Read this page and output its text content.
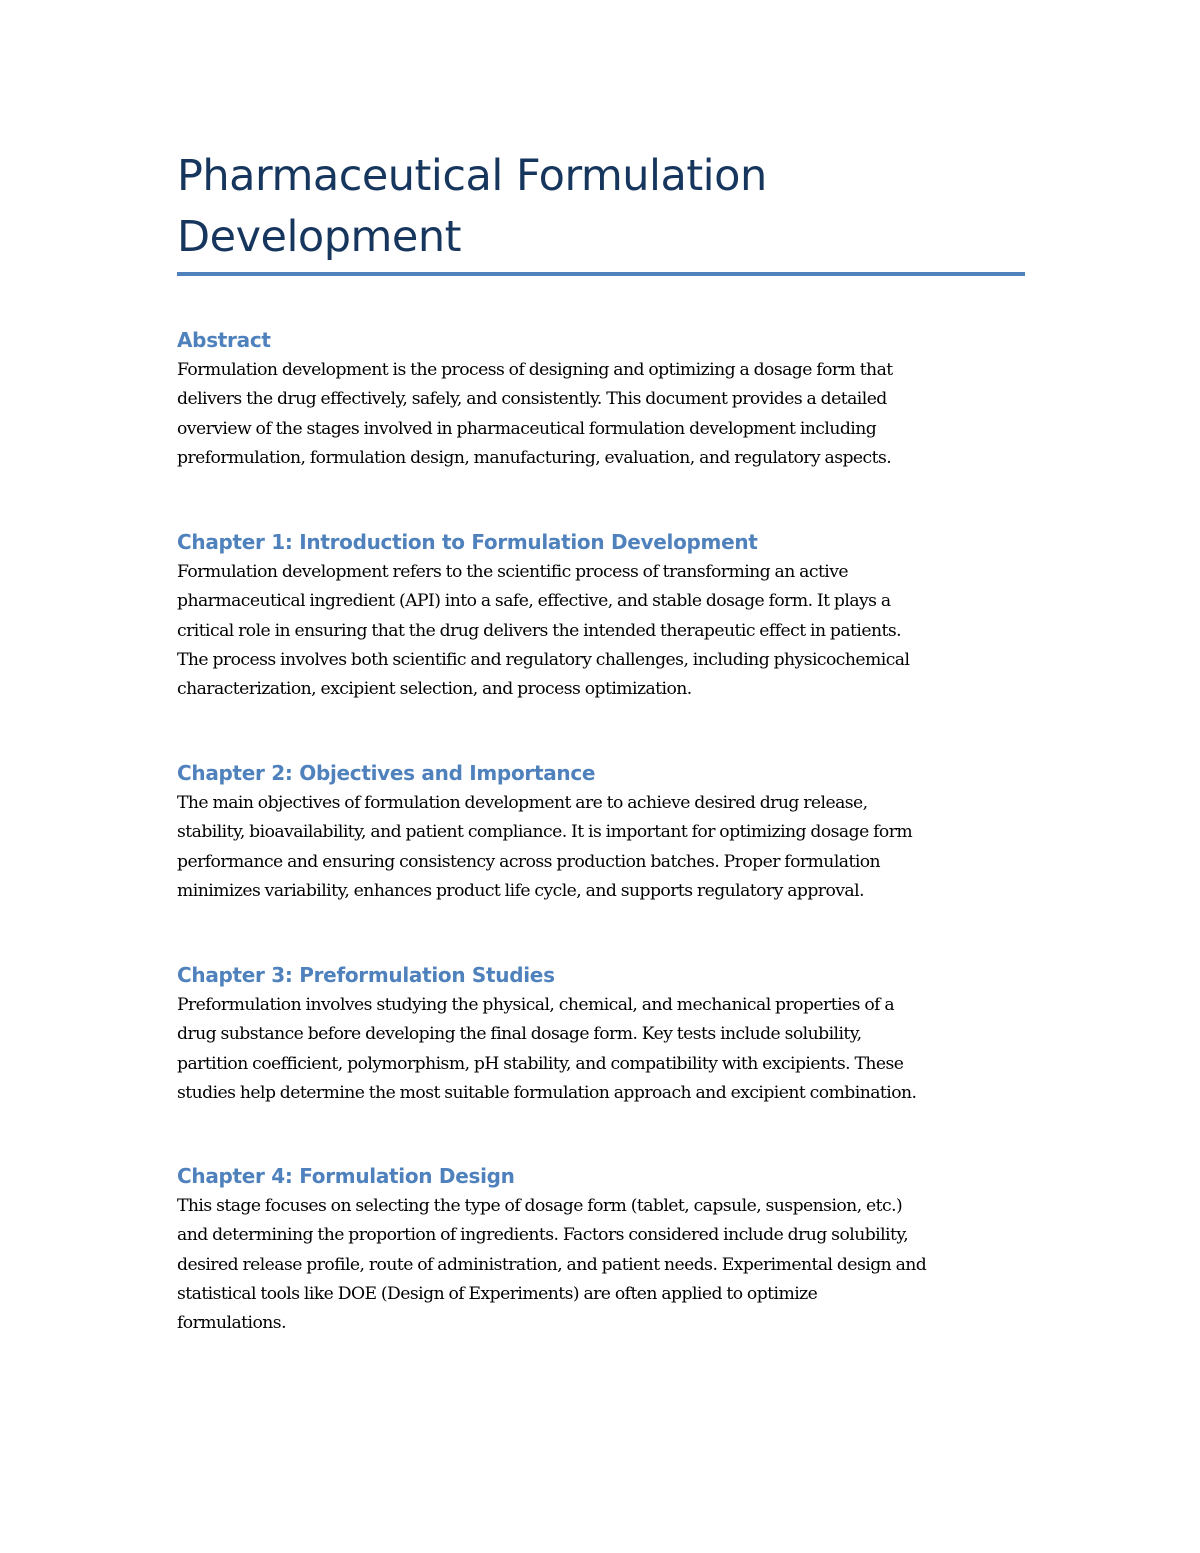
Pharmaceutical Formulation
Development
Abstract

Formulation development is the process of designing and optimizing a dosage form that
delivers the drug effectively, safely, and consistently. This document provides a detailed
overview of the stages involved in pharmaceutical formulation development including
preformulation, formulation design, manufacturing, evaluation, and regulatory aspects.

Chapter 1: Introduction to Formulation Development

Formulation development refers to the scientific process of transforming an active
pharmaceutical ingredient (API) into a safe, effective, and stable dosage form. It plays a
critical role in ensuring that the drug delivers the intended therapeutic effect in patients.
The process involves both scientific and regulatory challenges, including physicochemical
characterization, excipient selection, and process optimization.

Chapter 2: Objectives and Importance

The main objectives of formulation development are to achieve desired drug release,
stability, bioavailability, and patient compliance. It is important for optimizing dosage form
performance and ensuring consistency across production batches. Proper formulation
minimizes variability, enhances product life cycle, and supports regulatory approval.

Chapter 3: Preformulation Studies

Preformulation involves studying the physical, chemical, and mechanical properties of a
drug substance before developing the final dosage form. Key tests include solubility,
partition coefficient, polymorphism, pH stability, and compatibility with excipients. These
studies help determine the most suitable formulation approach and excipient combination.

Chapter 4: Formulation Design

This stage focuses on selecting the type of dosage form (tablet, capsule, suspension, etc.)
and determining the proportion of ingredients. Factors considered include drug solubility,
desired release profile, route of administration, and patient needs. Experimental design and
statistical tools like DOE (Design of Experiments) are often applied to optimize
formulations.
